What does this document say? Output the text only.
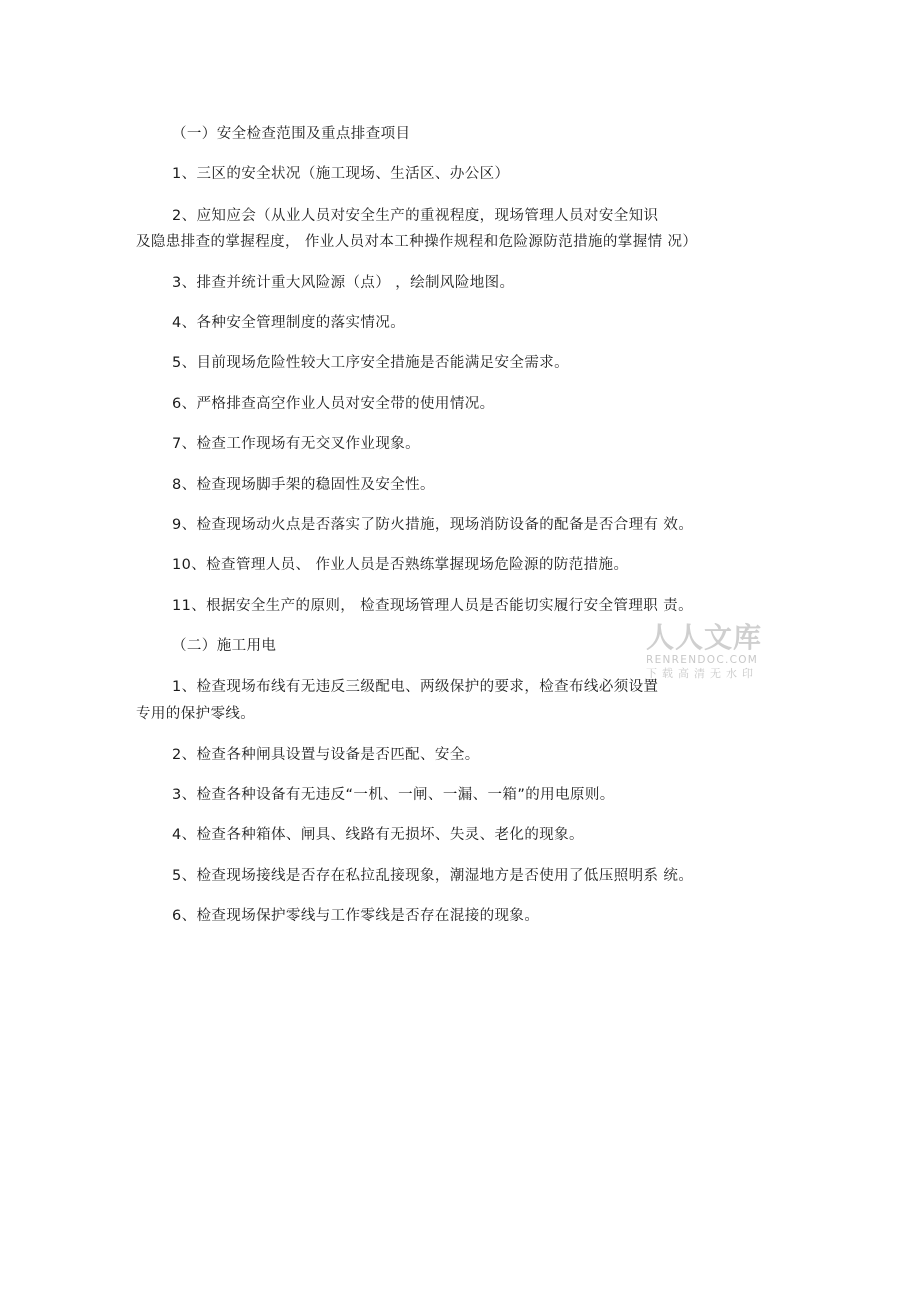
（一）安全检查范围及重点排查项目
1、三区的安全状况（施工现场、生活区、办公区）
2、应知应会（从业人员对安全生产的重视程度，现场管理人员对安全知识
及隐患排查的掌握程度， 作业人员对本工种操作规程和危险源防范措施的掌握情 况）
3、排查并统计重大风险源（点） ，绘制风险地图。
4、各种安全管理制度的落实情况。
5、目前现场危险性较大工序安全措施是否能满足安全需求。
6、严格排查高空作业人员对安全带的使用情况。
7、检查工作现场有无交叉作业现象。
8、检查现场脚手架的稳固性及安全性。
9、检查现场动火点是否落实了防火措施，现场消防设备的配备是否合理有 效。
10、检查管理人员、 作业人员是否熟练掌握现场危险源的防范措施。
11、根据安全生产的原则， 检查现场管理人员是否能切实履行安全管理职 责。
（二）施工用电
1、检查现场布线有无违反三级配电、两级保护的要求，检查布线必须设置
专用的保护零线。
2、检查各种闸具设置与设备是否匹配、安全。
3、检查各种设备有无违反“一机、一闸、一漏、一箱”的用电原则。
4、检查各种箱体、闸具、线路有无损坏、失灵、老化的现象。
5、检查现场接线是否存在私拉乱接现象，潮湿地方是否使用了低压照明系 统。
6、检查现场保护零线与工作零线是否存在混接的现象。
人人文库
RENRENDOC.COM
下载高清无水印
